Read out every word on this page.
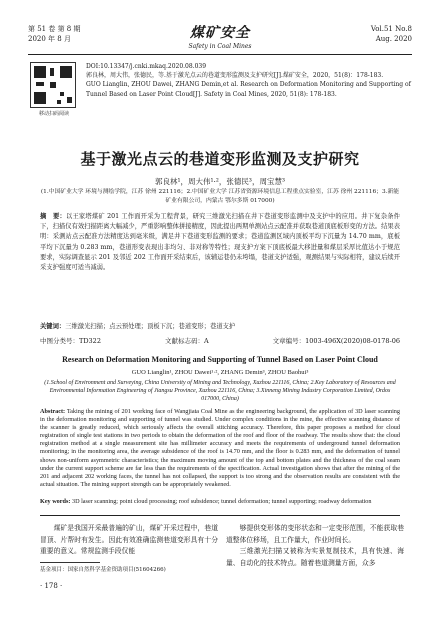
第 51 卷 第 8 期
2020 年 8 月	煤矿安全
Safety in Coal Mines
Vol.51 No.8
Aug. 2020
移动扫码阅读
DOI:10.13347/j.cnki.mkaq.2020.08.039
郭良林，周大伟，张德民，等.基于激光点云的巷道变形监测及支护研究[J].煤矿安全，2020，51(8)：178-183.
GUO Lianglin, ZHOU Dawei, ZHANG Demin,et al. Research on Deformation Monitoring and Supporting of Tunnel Based on Laser Point Cloud[J]. Safety in Coal Mines, 2020, 51(8): 178-183.
基于激光点云的巷道变形监测及支护研究
郭良林¹，周大伟¹·²，张德民³，周宝慧³
(1.中国矿业大学 环境与测绘学院，江苏 徐州 221116；2.中国矿业大学 江苏省资源环境信息工程重点实验室，江苏 徐州 221116；3.新能矿业有限公司，内蒙古 鄂尔多斯 017000)
摘　要：以王家塔煤矿 201 工作面开采为工程背景，研究三维激光扫描在井下巷道变形监测中及支护中的应用。井下复杂条件下，扫描仪有效扫描距离大幅减少，严重影响整体拼接精度，因此提出两期单测站点云配准并获取巷道顶底板形变的方法。结果表明：采测站点云配准方法精度达到毫米级，满足井下巷道变形监测的要求；巷道监测区域内顶板平均下沉量为 14.70 mm，底板平均下沉量为 0.283 mm，巷道形变表现出非均匀、非对称等特性；现支护方案下顶底板最大移进量和煤层采厚比值达小于规范要求，实际调查显示 201 及邻近 202 工作面开采结束后，该辅运巷仍未垮塌，巷道支护适强，观测结果与实际相符，建议后续开采支护强度可适当减弱。
关键词：三维激光扫描；点云预处理；顶板下沉；巷道变形；巷道支护
中图分类号：TD322	文献标志码：A	文章编号：1003-496X(2020)08-0178-06
Research on Deformation Monitoring and Supporting of Tunnel Based on Laser Point Cloud
GUO Lianglin¹, ZHOU Dawei¹·², ZHANG Demin³, ZHOU Baohui³
(1.School of Environment and Surveying, China University of Mining and Technology, Xuzhou 221116, China; 2.Key Laboratory of Resources and Environmental Information Engineering of Jiangsu Province, Xuzhou 221116, China; 3.Xinneng Mining Industry Corporation Limited, Ordos 017000, China)
Abstract: Taking the mining of 201 working face of Wangjiata Coal Mine as the engineering background, the application of 3D laser scanning in the deformation monitoring and supporting of tunnel was studied. Under complex conditions in the mine, the effective scanning distance of the scanner is greatly reduced, which seriously affects the overall stitching accuracy. Therefore, this paper proposes a method for cloud registration of single test stations in two periods to obtain the deformation of the roof and floor of the roadway. The results show that: the cloud registration method at a single measurement site has millimeter accuracy and meets the requirements of underground tunnel deformation monitoring; in the monitoring area, the average subsidence of the roof is 14.70 mm, and the floor is 0.283 mm, and the deformation of tunnel shows non-uniform asymmetric characteristics; the maximum moving amount of the top and bottom plates and the thickness of the coal seam under the current support scheme are far less than the requirements of the specification. Actual investigation shows that after the mining of the 201 and adjacent 202 working faces, the tunnel has not collapsed, the support is too strong and the observation results are consistent with the actual situation. The mining support strength can be appropriately weakened.
Key words: 3D laser scanning; point cloud processing; roof subsidence; tunnel deformation; tunnel supporting; roadway deformation

煤矿是我国开采最普遍的矿山，煤矿开采过程中，巷道冒顶、片帮时有发生。因此有效准确监测巷道变形具有十分重要的意义。常规监测手段仅能

够提供变形体的变形状态和一定变形范围，不能获取巷道整体位移场，且工作量大，作业时间长。

三维激光扫描又被称为实景复制技术，具有快速、海量、自动化的技术特点。随着巷道测量方面，众多

基金项目：国家自然科学基金资助项目(51604266)
· 178 ·
